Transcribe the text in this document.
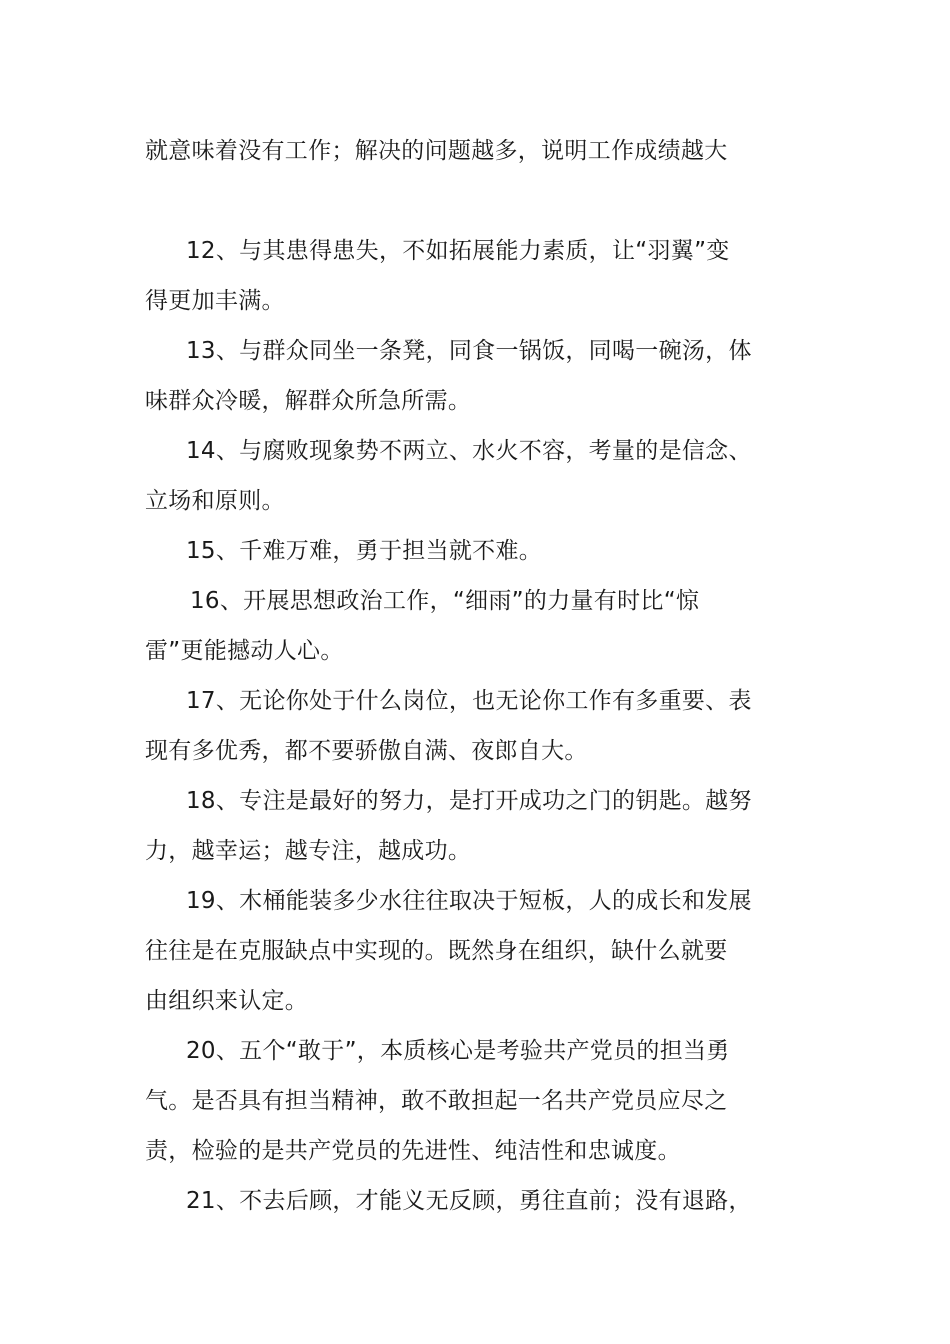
就意味着没有工作；解决的问题越多，说明工作成绩越大
12、与其患得患失，不如拓展能力素质，让“羽翼”变
得更加丰满。
13、与群众同坐一条凳，同食一锅饭，同喝一碗汤，体
味群众冷暖，解群众所急所需。
14、与腐败现象势不两立、水火不容，考量的是信念、
立场和原则。
15、千难万难，勇于担当就不难。
16、开展思想政治工作，“细雨”的力量有时比“惊
雷”更能撼动人心。
17、无论你处于什么岗位，也无论你工作有多重要、表
现有多优秀，都不要骄傲自满、夜郎自大。
18、专注是最好的努力，是打开成功之门的钥匙。越努
力，越幸运；越专注，越成功。
19、木桶能装多少水往往取决于短板，人的成长和发展
往往是在克服缺点中实现的。既然身在组织，缺什么就要
由组织来认定。
20、五个“敢于”，本质核心是考验共产党员的担当勇
气。是否具有担当精神，敢不敢担起一名共产党员应尽之
责，检验的是共产党员的先进性、纯洁性和忠诚度。
21、不去后顾，才能义无反顾，勇往直前；没有退路，
